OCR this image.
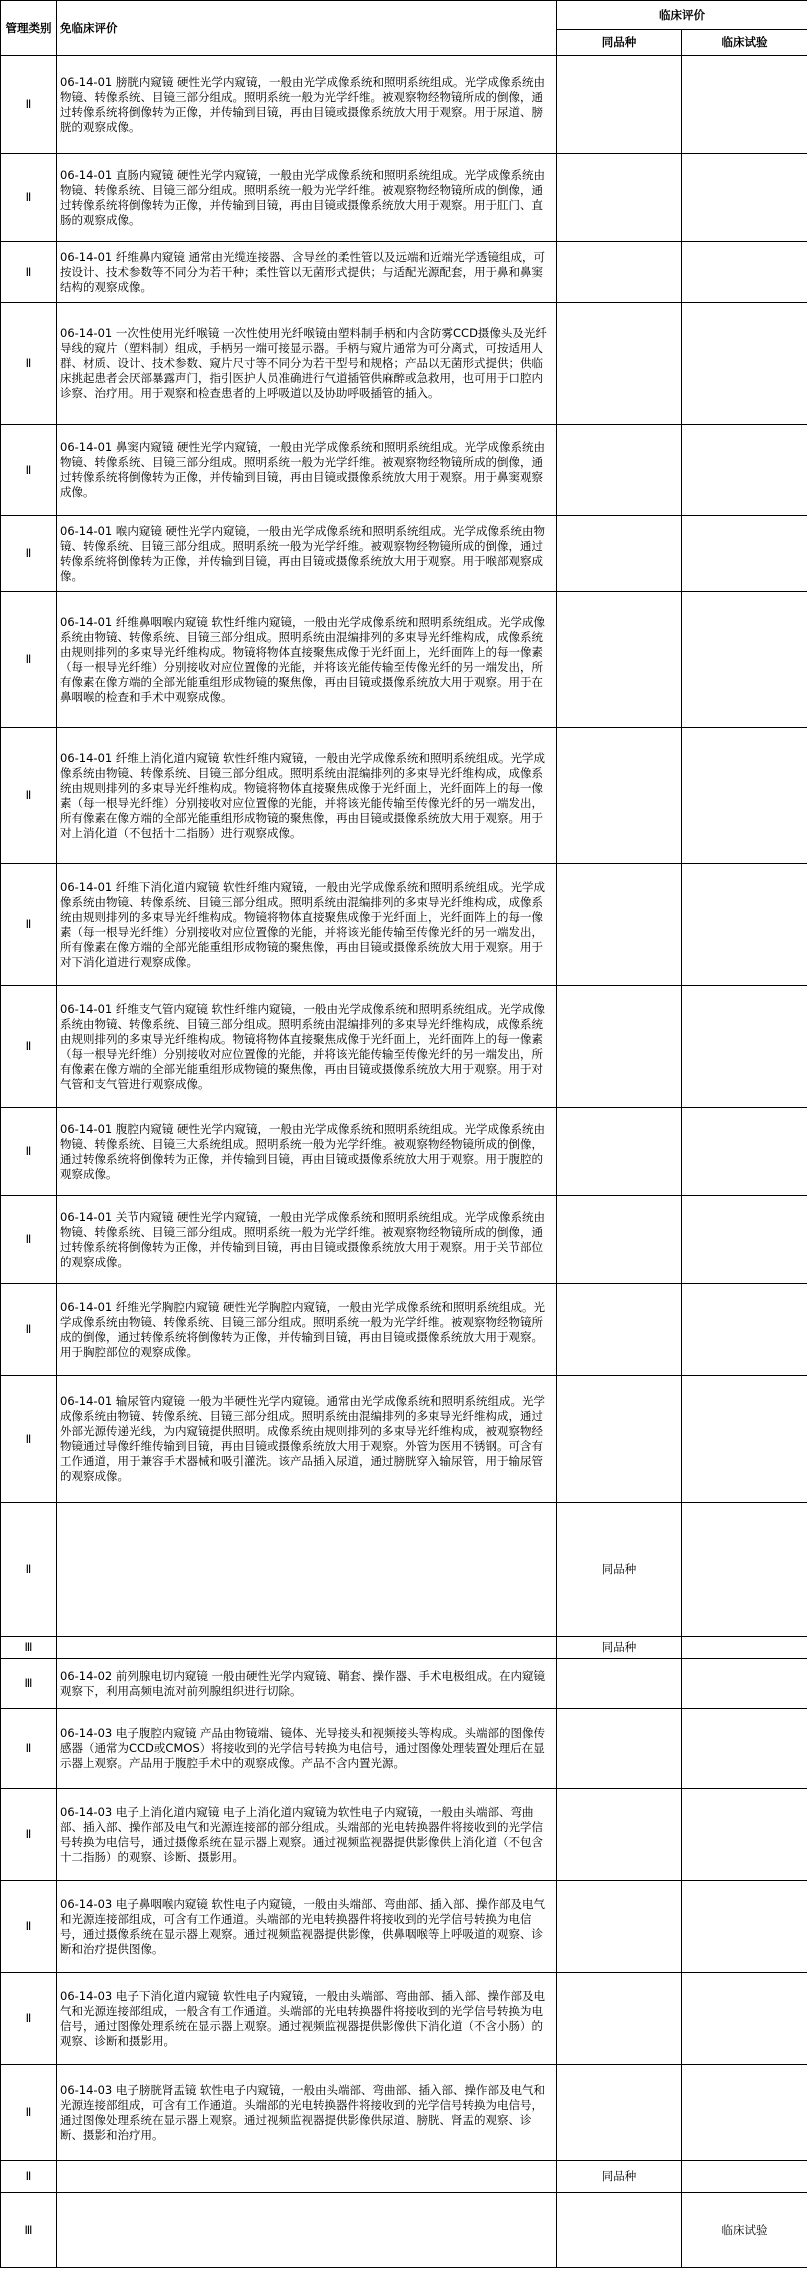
管理类别	免临床评价	临床评价	
		同品种	临床试验
Ⅱ	06-14-01 膀胱内窥镜 硬性光学内窥镜，一般由光学成像系统和照明系统组成。光学成像系统由物镜、转像系统、目镜三部分组成。照明系统一般为光学纤维。被观察物经物镜所成的倒像，通过转像系统将倒像转为正像，并传输到目镜，再由目镜或摄像系统放大用于观察。用于尿道、膀胱的观察成像。		
Ⅱ	06-14-01 直肠内窥镜 硬性光学内窥镜，一般由光学成像系统和照明系统组成。光学成像系统由物镜、转像系统、目镜三部分组成。照明系统一般为光学纤维。被观察物经物镜所成的倒像，通过转像系统将倒像转为正像，并传输到目镜，再由目镜或摄像系统放大用于观察。用于肛门、直肠的观察成像。		
Ⅱ	06-14-01 纤维鼻内窥镜 通常由光缆连接器、含导丝的柔性管以及远端和近端光学透镜组成，可按设计、技术参数等不同分为若干种；柔性管以无菌形式提供；与适配光源配套，用于鼻和鼻窦结构的观察成像。		
Ⅱ	06-14-01 一次性使用光纤喉镜 一次性使用光纤喉镜由塑料制手柄和内含防雾CCD摄像头及光纤导线的窥片（塑料制）组成，手柄另一端可接显示器。手柄与窥片通常为可分离式，可按适用人群、材质、设计、技术参数、窥片尺寸等不同分为若干型号和规格；产品以无菌形式提供；供临床挑起患者会厌部暴露声门，指引医护人员准确进行气道插管供麻醉或急救用，也可用于口腔内诊察、治疗用。用于观察和检查患者的上呼吸道以及协助呼吸插管的插入。		
Ⅱ	06-14-01 鼻窦内窥镜 硬性光学内窥镜，一般由光学成像系统和照明系统组成。光学成像系统由物镜、转像系统、目镜三部分组成。照明系统一般为光学纤维。被观察物经物镜所成的倒像，通过转像系统将倒像转为正像，并传输到目镜，再由目镜或摄像系统放大用于观察。用于鼻窦观察成像。		
Ⅱ	06-14-01 喉内窥镜 硬性光学内窥镜，一般由光学成像系统和照明系统组成。光学成像系统由物镜、转像系统、目镜三部分组成。照明系统一般为光学纤维。被观察物经物镜所成的倒像，通过转像系统将倒像转为正像，并传输到目镜，再由目镜或摄像系统放大用于观察。用于喉部观察成像。		
Ⅱ	06-14-01 纤维鼻咽喉内窥镜 软性纤维内窥镜，一般由光学成像系统和照明系统组成。光学成像系统由物镜、转像系统、目镜三部分组成。照明系统由混编排列的多束导光纤维构成，成像系统由规则排列的多束导光纤维构成。物镜将物体直接聚焦成像于光纤面上，光纤面阵上的每一像素（每一根导光纤维）分别接收对应位置像的光能，并将该光能传输至传像光纤的另一端发出，所有像素在像方端的全部光能重组形成物镜的聚焦像，再由目镜或摄像系统放大用于观察。用于在鼻咽喉的检查和手术中观察成像。		
Ⅱ	06-14-01 纤维上消化道内窥镜 软性纤维内窥镜，一般由光学成像系统和照明系统组成。光学成像系统由物镜、转像系统、目镜三部分组成。照明系统由混编排列的多束导光纤维构成，成像系统由规则排列的多束导光纤维构成。物镜将物体直接聚焦成像于光纤面上，光纤面阵上的每一像素（每一根导光纤维）分别接收对应位置像的光能，并将该光能传输至传像光纤的另一端发出，所有像素在像方端的全部光能重组形成物镜的聚焦像，再由目镜或摄像系统放大用于观察。用于对上消化道（不包括十二指肠）进行观察成像。		
Ⅱ	06-14-01 纤维下消化道内窥镜 软性纤维内窥镜，一般由光学成像系统和照明系统组成。光学成像系统由物镜、转像系统、目镜三部分组成。照明系统由混编排列的多束导光纤维构成，成像系统由规则排列的多束导光纤维构成。物镜将物体直接聚焦成像于光纤面上，光纤面阵上的每一像素（每一根导光纤维）分别接收对应位置像的光能，并将该光能传输至传像光纤的另一端发出，所有像素在像方端的全部光能重组形成物镜的聚焦像，再由目镜或摄像系统放大用于观察。用于对下消化道进行观察成像。		
Ⅱ	06-14-01 纤维支气管内窥镜 软性纤维内窥镜，一般由光学成像系统和照明系统组成。光学成像系统由物镜、转像系统、目镜三部分组成。照明系统由混编排列的多束导光纤维构成，成像系统由规则排列的多束导光纤维构成。物镜将物体直接聚焦成像于光纤面上，光纤面阵上的每一像素（每一根导光纤维）分别接收对应位置像的光能，并将该光能传输至传像光纤的另一端发出，所有像素在像方端的全部光能重组形成物镜的聚焦像，再由目镜或摄像系统放大用于观察。用于对气管和支气管进行观察成像。		
Ⅱ	06-14-01 腹腔内窥镜 硬性光学内窥镜，一般由光学成像系统和照明系统组成。光学成像系统由物镜、转像系统、目镜三大系统组成。照明系统一般为光学纤维。被观察物经物镜所成的倒像，通过转像系统将倒像转为正像，并传输到目镜，再由目镜或摄像系统放大用于观察。用于腹腔的观察成像。		
Ⅱ	06-14-01 关节内窥镜 硬性光学内窥镜，一般由光学成像系统和照明系统组成。光学成像系统由物镜、转像系统、目镜三部分组成。照明系统一般为光学纤维。被观察物经物镜所成的倒像，通过转像系统将倒像转为正像，并传输到目镜，再由目镜或摄像系统放大用于观察。用于关节部位的观察成像。		
Ⅱ	06-14-01 纤维光学胸腔内窥镜 硬性光学胸腔内窥镜，一般由光学成像系统和照明系统组成。光学成像系统由物镜、转像系统、目镜三部分组成。照明系统一般为光学纤维。被观察物经物镜所成的倒像，通过转像系统将倒像转为正像，并传输到目镜，再由目镜或摄像系统放大用于观察。用于胸腔部位的观察成像。		
Ⅱ	06-14-01 输尿管内窥镜 一般为半硬性光学内窥镜。通常由光学成像系统和照明系统组成。光学成像系统由物镜、转像系统、目镜三部分组成。照明系统由混编排列的多束导光纤维构成，通过外部光源传递光线，为内窥镜提供照明。成像系统由规则排列的多束导光纤维构成，被观察物经物镜通过导像纤维传输到目镜，再由目镜或摄像系统放大用于观察。外管为医用不锈钢。可含有工作通道，用于兼容手术器械和吸引灌洗。该产品插入尿道，通过膀胱穿入输尿管，用于输尿管的观察成像。		
Ⅱ		同品种	
Ⅲ		同品种	
Ⅲ	06-14-02 前列腺电切内窥镜 一般由硬性光学内窥镜、鞘套、操作器、手术电极组成。在内窥镜观察下，利用高频电流对前列腺组织进行切除。		
Ⅱ	06-14-03 电子腹腔内窥镜 产品由物镜端、镜体、光导接头和视频接头等构成。头端部的图像传感器（通常为CCD或CMOS）将接收到的光学信号转换为电信号，通过图像处理装置处理后在显示器上观察。产品用于腹腔手术中的观察成像。产品不含内置光源。		
Ⅱ	06-14-03 电子上消化道内窥镜 电子上消化道内窥镜为软性电子内窥镜，一般由头端部、弯曲部、插入部、操作部及电气和光源连接部的部分组成。头端部的光电转换器件将接收到的光学信号转换为电信号，通过摄像系统在显示器上观察。通过视频监视器提供影像供上消化道（不包含十二指肠）的观察、诊断、摄影用。		
Ⅱ	06-14-03 电子鼻咽喉内窥镜 软性电子内窥镜，一般由头端部、弯曲部、插入部、操作部及电气和光源连接部组成，可含有工作通道。头端部的光电转换器件将接收到的光学信号转换为电信号，通过摄像系统在显示器上观察。通过视频监视器提供影像，供鼻咽喉等上呼吸道的观察、诊断和治疗提供图像。		
Ⅱ	06-14-03 电子下消化道内窥镜 软性电子内窥镜，一般由头端部、弯曲部、插入部、操作部及电气和光源连接部组成，一般含有工作通道。头端部的光电转换器件将接收到的光学信号转换为电信号，通过图像处理系统在显示器上观察。通过视频监视器提供影像供下消化道（不含小肠）的观察、诊断和摄影用。		
Ⅱ	06-14-03 电子膀胱肾盂镜 软性电子内窥镜，一般由头端部、弯曲部、插入部、操作部及电气和光源连接部组成，可含有工作通道。头端部的光电转换器件将接收到的光学信号转换为电信号，通过图像处理系统在显示器上观察。通过视频监视器提供影像供尿道、膀胱、肾盂的观察、诊断、摄影和治疗用。		
Ⅱ		同品种	
Ⅲ			临床试验
